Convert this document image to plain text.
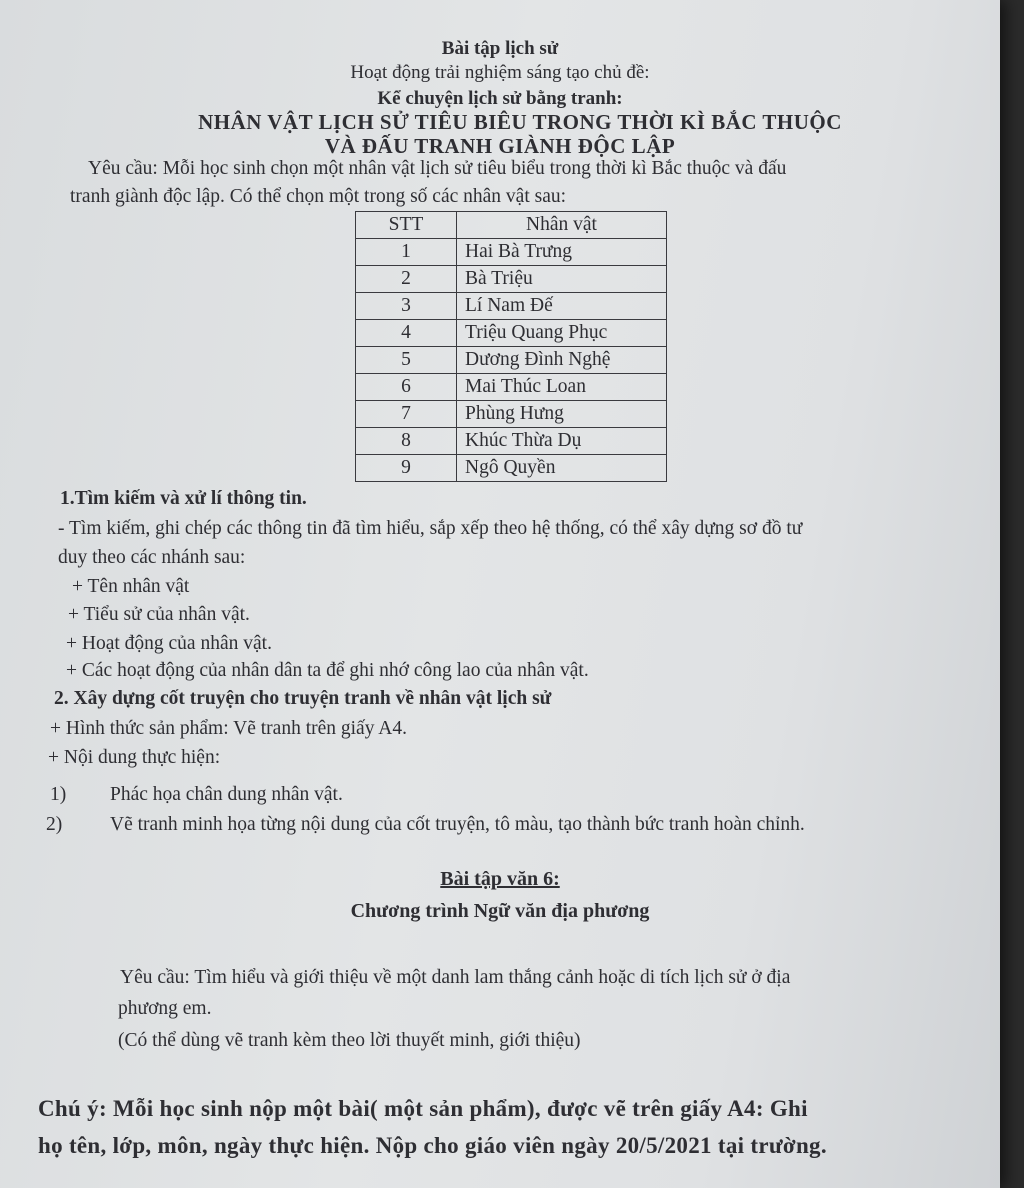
Bài tập lịch sử
Hoạt động trải nghiệm sáng tạo chủ đề:
Kể chuyện lịch sử bằng tranh:
NHÂN VẬT LỊCH SỬ TIÊU BIÊU TRONG THỜI KÌ BẮC THUỘC
VÀ ĐẤU TRANH GIÀNH ĐỘC LẬP
Yêu cầu: Mỗi học sinh chọn một nhân vật lịch sử tiêu biểu trong thời kì Bắc thuộc và đấu
tranh giành độc lập. Có thể chọn một trong số các nhân vật sau:
STT	Nhân vật
1	Hai Bà Trưng
2	Bà Triệu
3	Lí Nam Đế
4	Triệu Quang Phục
5	Dương Đình Nghệ
6	Mai Thúc Loan
7	Phùng Hưng
8	Khúc Thừa Dụ
9	Ngô Quyền
1.Tìm kiếm và xử lí thông tin.
- Tìm kiếm, ghi chép các thông tin đã tìm hiểu, sắp xếp theo hệ thống, có thể xây dựng sơ đồ tư
duy theo các nhánh sau:
+ Tên nhân vật
+ Tiểu sử của nhân vật.
+ Hoạt động của nhân vật.
+ Các hoạt động của nhân dân ta để ghi nhớ công lao của nhân vật.
2. Xây dựng cốt truyện cho truyện tranh về nhân vật lịch sử
+ Hình thức sản phẩm: Vẽ tranh trên giấy A4.
+ Nội dung thực hiện:
1) Phác họa chân dung nhân vật.
2) Vẽ tranh minh họa từng nội dung của cốt truyện, tô màu, tạo thành bức tranh hoàn chỉnh.
Bài tập văn 6:
Chương trình Ngữ văn địa phương
Yêu cầu: Tìm hiểu và giới thiệu về một danh lam thắng cảnh hoặc di tích lịch sử ở địa
phương em.
(Có thể dùng vẽ tranh kèm theo lời thuyết minh, giới thiệu)
Chú ý: Mỗi học sinh nộp một bài( một sản phẩm), được vẽ trên giấy A4: Ghi
họ tên, lớp, môn, ngày thực hiện. Nộp cho giáo viên ngày 20/5/2021 tại trường.
